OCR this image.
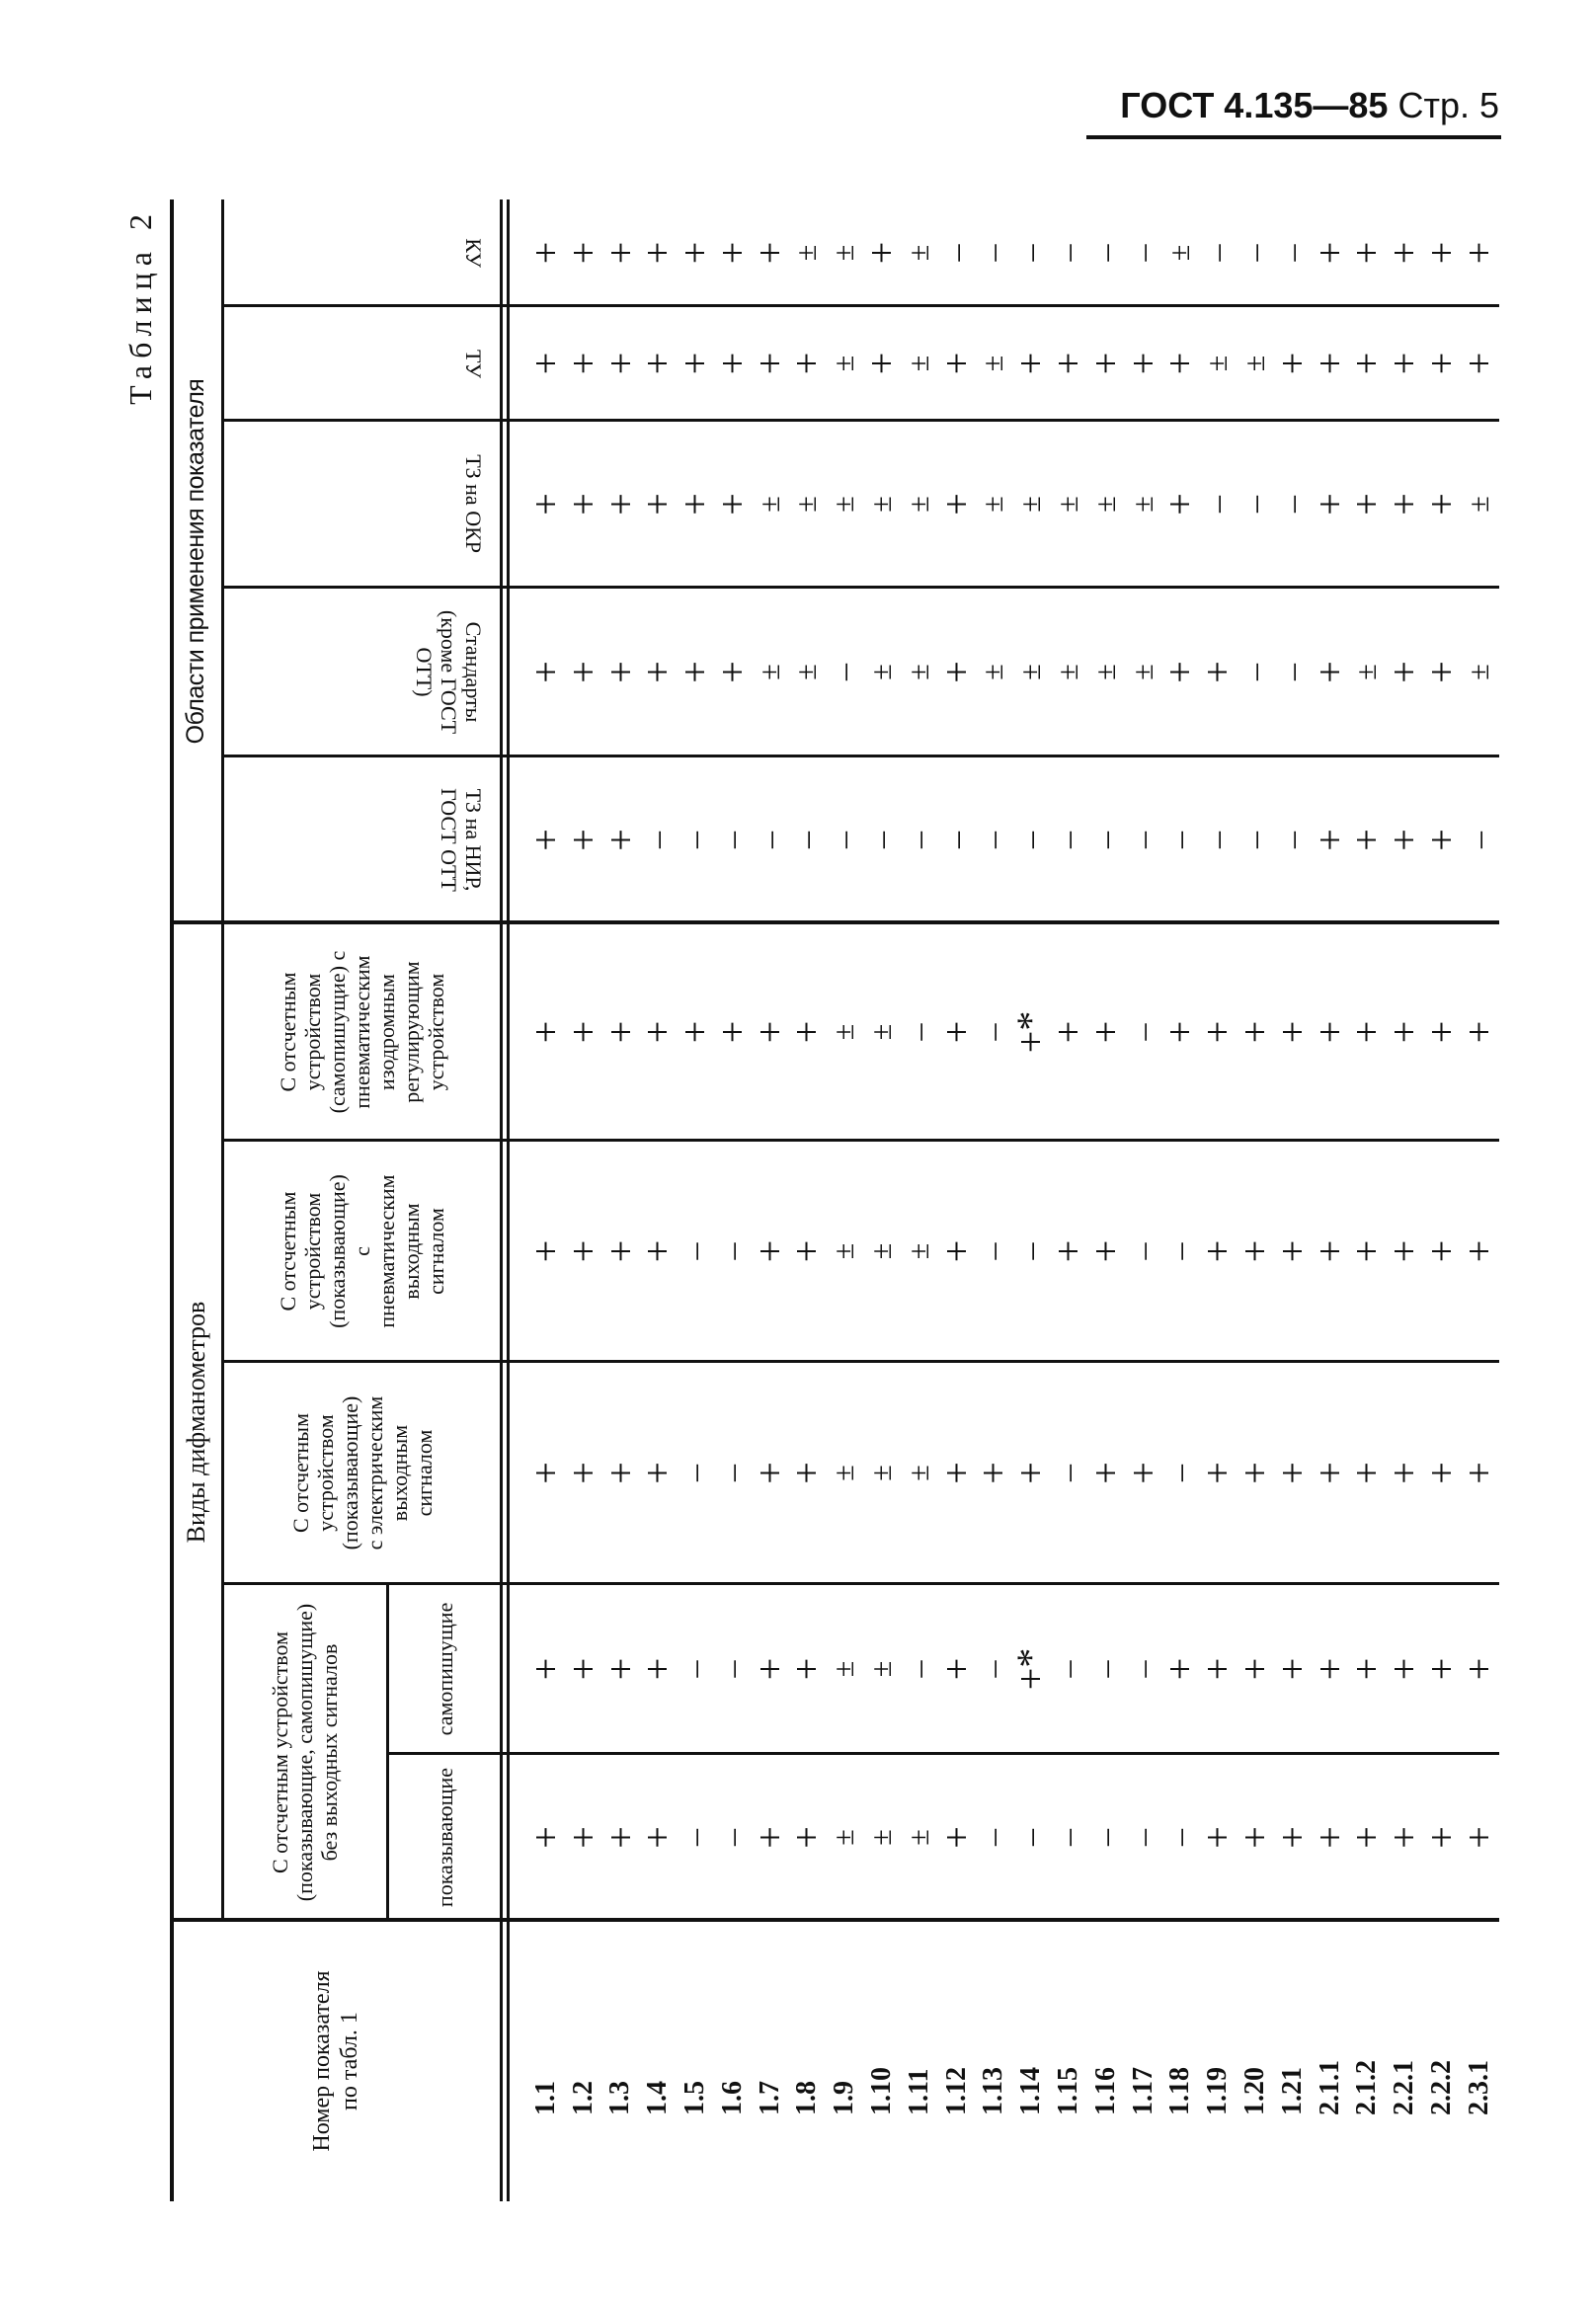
ГОСТ 4.135—85 Стр. 5
Таблица 2
Номер показателя по табл. 1
Виды дифманометров
Области применения показателя
С отсчетным устройством (показывающие, самопишущие) без выходных сигналов	показывающие
самопишущие
С отсчетным устройством (показывающие) с электрическим выходным сигналом
С отсчетным устройством (показывающие) с пневматическим выходным сигналом
С отсчетным устройством (самопишущие) с пневматическим изодромным регулирующим устройством
ТЗ на НИР, ГОСТ ОТТ
Стандарты (кроме ГОСТ ОТТ)
ТЗ на ОКР
ТУ
КУ
1.1
+
+
+
+
+
+
+
+
+
+
1.2
+
+
+
+
+
+
+
+
+
+
1.3
+
+
+
+
+
+
+
+
+
+
1.4
+
+
+
+
+
–
+
+
+
+
1.5
–
–
–
–
+
–
+
+
+
+
1.6
–
–
–
–
+
–
+
+
+
+
1.7
+
+
+
+
+
–
±
±
+
+
1.8
+
+
+
+
+
–
±
±
+
±
1.9
±
±
±
±
±
–
–
±
±
±
1.10
±
±
±
±
±
–
±
±
+
+
1.11
±
–
±
±
–
–
±
±
±
±
1.12
+
+
+
+
+
–
+
+
+
–
1.13
–
–
+
–
–
–
±
±
±
–
1.14
–
+*
+
–
+*
–
±
±
+
–
1.15
–
–
–
+
+
–
±
±
+
–
1.16
–
–
+
+
+
–
±
±
+
–
1.17
–
–
+
–
–
–
±
±
+
–
1.18
–
+
–
–
+
–
+
+
+
±
1.19
+
+
+
+
+
–
+
–
±
–
1.20
+
+
+
+
+
–
–
–
±
–
1.21
+
+
+
+
+
–
–
–
+
–
2.1.1
+
+
+
+
+
+
+
+
+
+
2.1.2
+
+
+
+
+
+
±
+
+
+
2.2.1
+
+
+
+
+
+
+
+
+
+
2.2.2
+
+
+
+
+
+
+
+
+
+
2.3.1
+
+
+
+
+
–
±
±
+
+
